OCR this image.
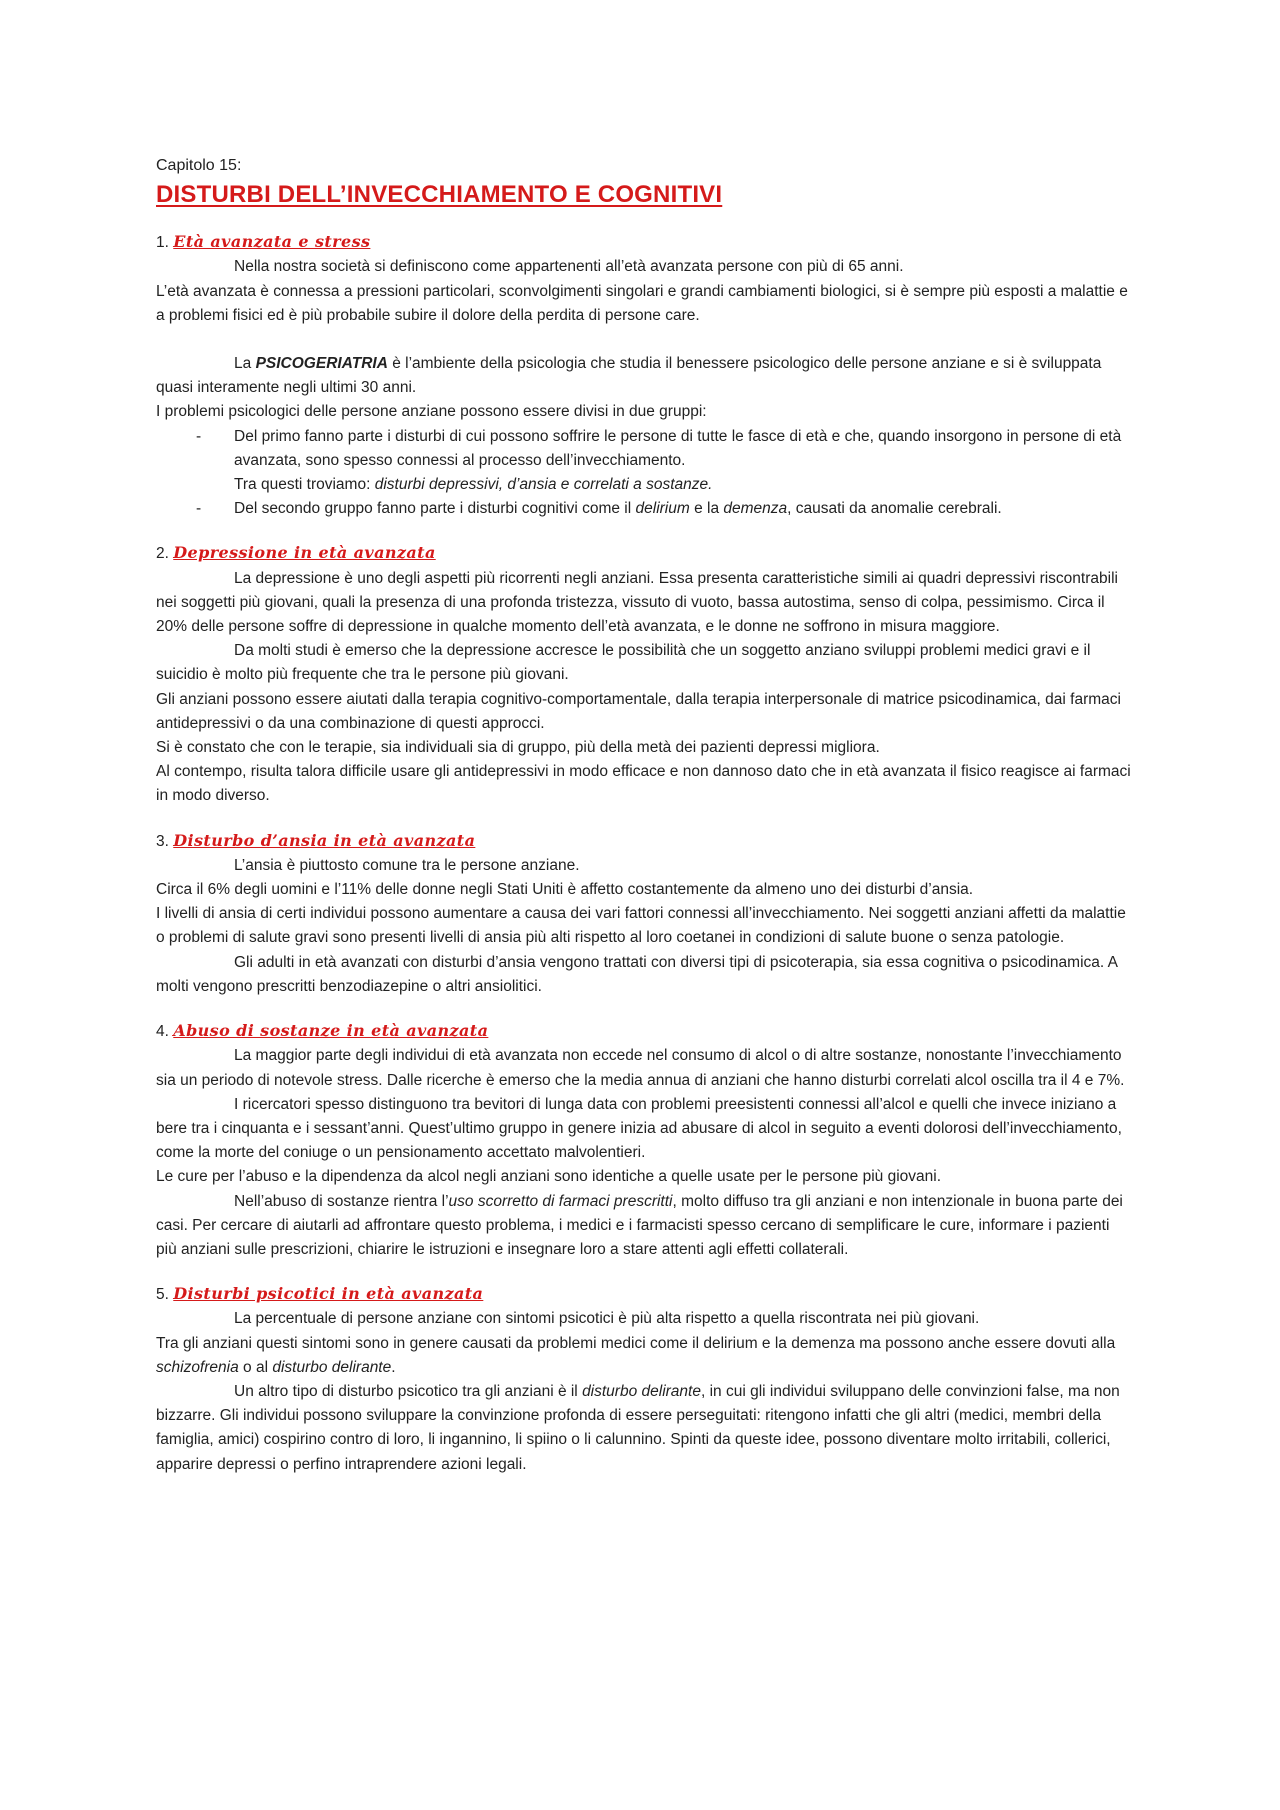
Capitolo 15:

DISTURBI DELL’INVECCHIAMENTO E COGNITIVI

1. Età avanzata e stress

Nella nostra società si definiscono come appartenenti all’età avanzata persone con più di 65 anni.

L’età avanzata è connessa a pressioni particolari, sconvolgimenti singolari e grandi cambiamenti biologici, si è sempre più esposti a malattie e a problemi fisici ed è più probabile subire il dolore della perdita di persone care.

La PSICOGERIATRIA è l’ambiente della psicologia che studia il benessere psicologico delle persone anziane e si è sviluppata quasi interamente negli ultimi 30 anni.

I problemi psicologici delle persone anziane possono essere divisi in due gruppi:

- Del primo fanno parte i disturbi di cui possono soffrire le persone di tutte le fasce di età e che, quando insorgono in persone di età avanzata, sono spesso connessi al processo dell’invecchiamento.
Tra questi troviamo: disturbi depressivi, d’ansia e correlati a sostanze.
- Del secondo gruppo fanno parte i disturbi cognitivi come il delirium e la demenza, causati da anomalie cerebrali.

2. Depressione in età avanzata

La depressione è uno degli aspetti più ricorrenti negli anziani. Essa presenta caratteristiche simili ai quadri depressivi riscontrabili nei soggetti più giovani, quali la presenza di una profonda tristezza, vissuto di vuoto, bassa autostima, senso di colpa, pessimismo. Circa il 20% delle persone soffre di depressione in qualche momento dell’età avanzata, e le donne ne soffrono in misura maggiore.

Da molti studi è emerso che la depressione accresce le possibilità che un soggetto anziano sviluppi problemi medici gravi e il suicidio è molto più frequente che tra le persone più giovani.

Gli anziani possono essere aiutati dalla terapia cognitivo-comportamentale, dalla terapia interpersonale di matrice psicodinamica, dai farmaci antidepressivi o da una combinazione di questi approcci.

Si è constato che con le terapie, sia individuali sia di gruppo, più della metà dei pazienti depressi migliora.

Al contempo, risulta talora difficile usare gli antidepressivi in modo efficace e non dannoso dato che in età avanzata il fisico reagisce ai farmaci in modo diverso.

3. Disturbo d’ansia in età avanzata

L’ansia è piuttosto comune tra le persone anziane.

Circa il 6% degli uomini e l’11% delle donne negli Stati Uniti è affetto costantemente da almeno uno dei disturbi d’ansia.

I livelli di ansia di certi individui possono aumentare a causa dei vari fattori connessi all’invecchiamento. Nei soggetti anziani affetti da malattie o problemi di salute gravi sono presenti livelli di ansia più alti rispetto al loro coetanei in condizioni di salute buone o senza patologie.

Gli adulti in età avanzati con disturbi d’ansia vengono trattati con diversi tipi di psicoterapia, sia essa cognitiva o psicodinamica. A molti vengono prescritti benzodiazepine o altri ansiolitici.

4. Abuso di sostanze in età avanzata

La maggior parte degli individui di età avanzata non eccede nel consumo di alcol o di altre sostanze, nonostante l’invecchiamento sia un periodo di notevole stress. Dalle ricerche è emerso che la media annua di anziani che hanno disturbi correlati alcol oscilla tra il 4 e 7%.

I ricercatori spesso distinguono tra bevitori di lunga data con problemi preesistenti connessi all’alcol e quelli che invece iniziano a bere tra i cinquanta e i sessant’anni. Quest’ultimo gruppo in genere inizia ad abusare di alcol in seguito a eventi dolorosi dell’invecchiamento, come la morte del coniuge o un pensionamento accettato malvolentieri.

Le cure per l’abuso e la dipendenza da alcol negli anziani sono identiche a quelle usate per le persone più giovani.

Nell’abuso di sostanze rientra l’uso scorretto di farmaci prescritti, molto diffuso tra gli anziani e non intenzionale in buona parte dei casi. Per cercare di aiutarli ad affrontare questo problema, i medici e i farmacisti spesso cercano di semplificare le cure, informare i pazienti più anziani sulle prescrizioni, chiarire le istruzioni e insegnare loro a stare attenti agli effetti collaterali.

5. Disturbi psicotici in età avanzata

La percentuale di persone anziane con sintomi psicotici è più alta rispetto a quella riscontrata nei più giovani.

Tra gli anziani questi sintomi sono in genere causati da problemi medici come il delirium e la demenza ma possono anche essere dovuti alla schizofrenia o al disturbo delirante.

Un altro tipo di disturbo psicotico tra gli anziani è il disturbo delirante, in cui gli individui sviluppano delle convinzioni false, ma non bizzarre. Gli individui possono sviluppare la convinzione profonda di essere perseguitati: ritengono infatti che gli altri (medici, membri della famiglia, amici) cospirino contro di loro, li ingannino, li spiino o li calunnino. Spinti da queste idee, possono diventare molto irritabili, collerici, apparire depressi o perfino intraprendere azioni legali.
